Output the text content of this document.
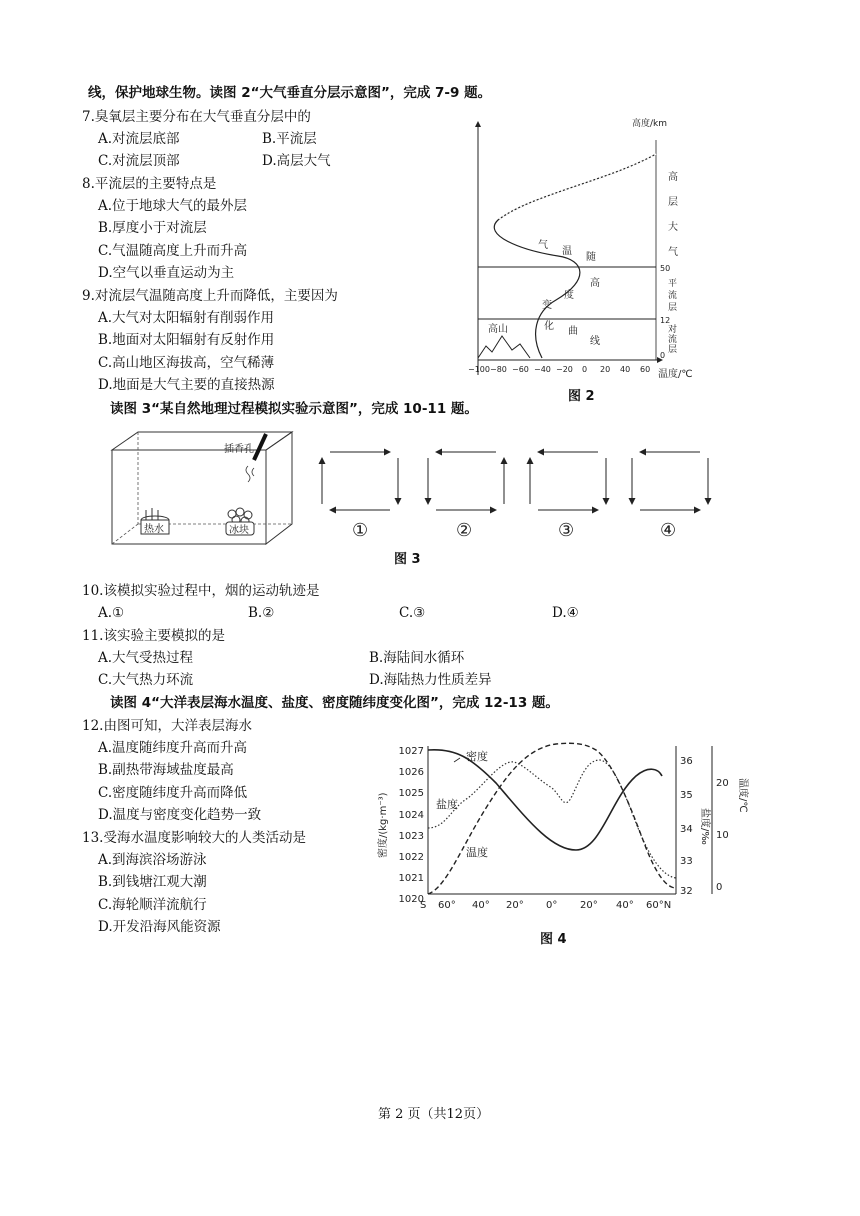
线，保护地球生物。读图 2“大气垂直分层示意图”，完成 7-9 题。
7.臭氧层主要分布在大气垂直分层中的
A.对流层底部	B.平流层
C.对流层顶部	D.高层大气
8.平流层的主要特点是
A.位于地球大气的最外层
B.厚度小于对流层
C.气温随高度上升而升高
D.空气以垂直运动为主
9.对流层气温随高度上升而降低，主要因为
A.大气对太阳辐射有削弱作用
B.地面对太阳辐射有反射作用
C.高山地区海拔高，空气稀薄
D.地面是大气主要的直接热源
读图 3“某自然地理过程模拟实验示意图”，完成 10-11 题。
10.该模拟实验过程中，烟的运动轨迹是
A.①	B.②	C.③	D.④
11.该实验主要模拟的是
A.大气受热过程	B.海陆间水循环
C.大气热力环流	D.海陆热力性质差异
读图 4“大洋表层海水温度、盐度、密度随纬度变化图”，完成 12-13 题。
12.由图可知，大洋表层海水
A.温度随纬度升高而升高
B.副热带海域盐度最高
C.密度随纬度升高而降低
D.温度与密度变化趋势一致
13.受海水温度影响较大的人类活动是
A.到海滨浴场游泳
B.到钱塘江观大潮
C.海轮顺洋流航行
D.开发沿海风能资源
第 2 页（共12页）
高度/km
温度/℃
50
12
0
高山
−100 −80 −60 −40 −20 0 20 40 60
高
层
大
气
平
流
层
对
流
层
气
温
随
高
度
变
化 曲
线
图 2
插香孔
热水	冰块	①	②	③	④
图 3
1027
1026
1025
1024
1023
1022
1021
1020
密度/(kg·m⁻³)
36
35
34
33
32
盐度/‰
20
10
0
温度/℃
S 60° 40° 20° 0° 20° 40° 60°N
密度
盐度
温度
图 4
